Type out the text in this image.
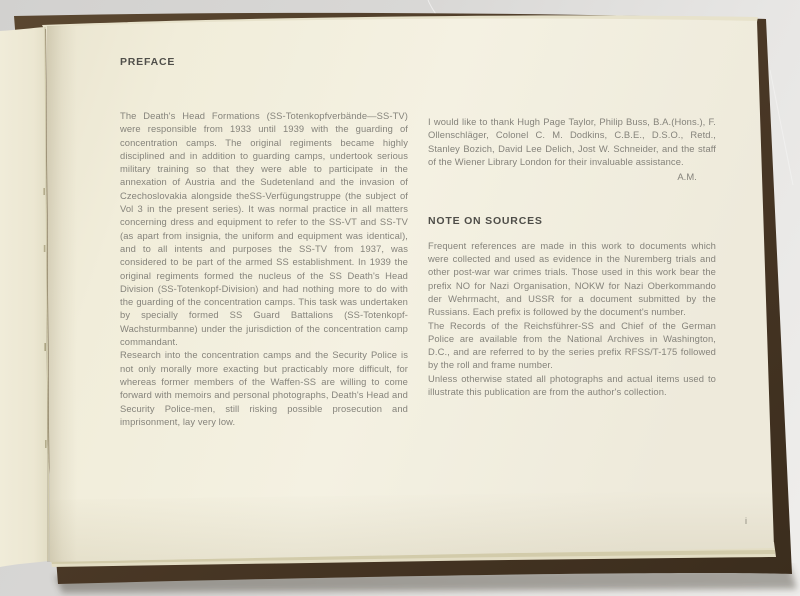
PREFACE

The Death's Head Formations (SS-Totenkopfverbände—SS-TV) were responsible from 1933 until 1939 with the guarding of concentration camps. The original regiments became highly disciplined and in addition to guarding camps, undertook serious military training so that they were able to participate in the annexation of Austria and the Sudetenland and the invasion of Czechoslovakia alongside theSS-Verfügungstruppe (the subject of Vol 3 in the present series). It was normal practice in all matters concerning dress and equipment to refer to the SS-VT and SS-TV (as apart from insignia, the uniform and equipment was identical), and to all intents and purposes the SS-TV from 1937, was considered to be part of the armed SS establishment. In 1939 the original regiments formed the nucleus of the SS Death's Head Division (SS-Totenkopf-Division) and had nothing more to do with the guarding of the concentration camps. This task was undertaken by specially formed SS Guard Battalions (SS-Totenkopf-Wachsturmbanne) under the jurisdiction of the concentration camp commandant.

Research into the concentration camps and the Security Police is not only morally more exacting but practicably more difficult, for whereas former members of the Waffen-SS are willing to come forward with memoirs and personal photographs, Death's Head and Security Police-men, still risking possible prosecution and imprisonment, lay very low.

I would like to thank Hugh Page Taylor, Philip Buss, B.A.(Hons.), F. Ollenschläger, Colonel C. M. Dodkins, C.B.E., D.S.O., Retd., Stanley Bozich, David Lee Delich, Jost W. Schneider, and the staff of the Wiener Library London for their invaluable assistance.

A.M.

NOTE ON SOURCES

Frequent references are made in this work to documents which were collected and used as evidence in the Nuremberg trials and other post-war war crimes trials. Those used in this work bear the prefix NO for Nazi Organisation, NOKW for Nazi Oberkommando der Wehrmacht, and USSR for a document submitted by the Russians. Each prefix is followed by the document's number.

The Records of the Reichsführer-SS and Chief of the German Police are available from the National Archives in Washington, D.C., and are referred to by the series prefix RFSS/T-175 followed by the roll and frame number.

Unless otherwise stated all photographs and actual items used to illustrate this publication are from the author's collection.

i
